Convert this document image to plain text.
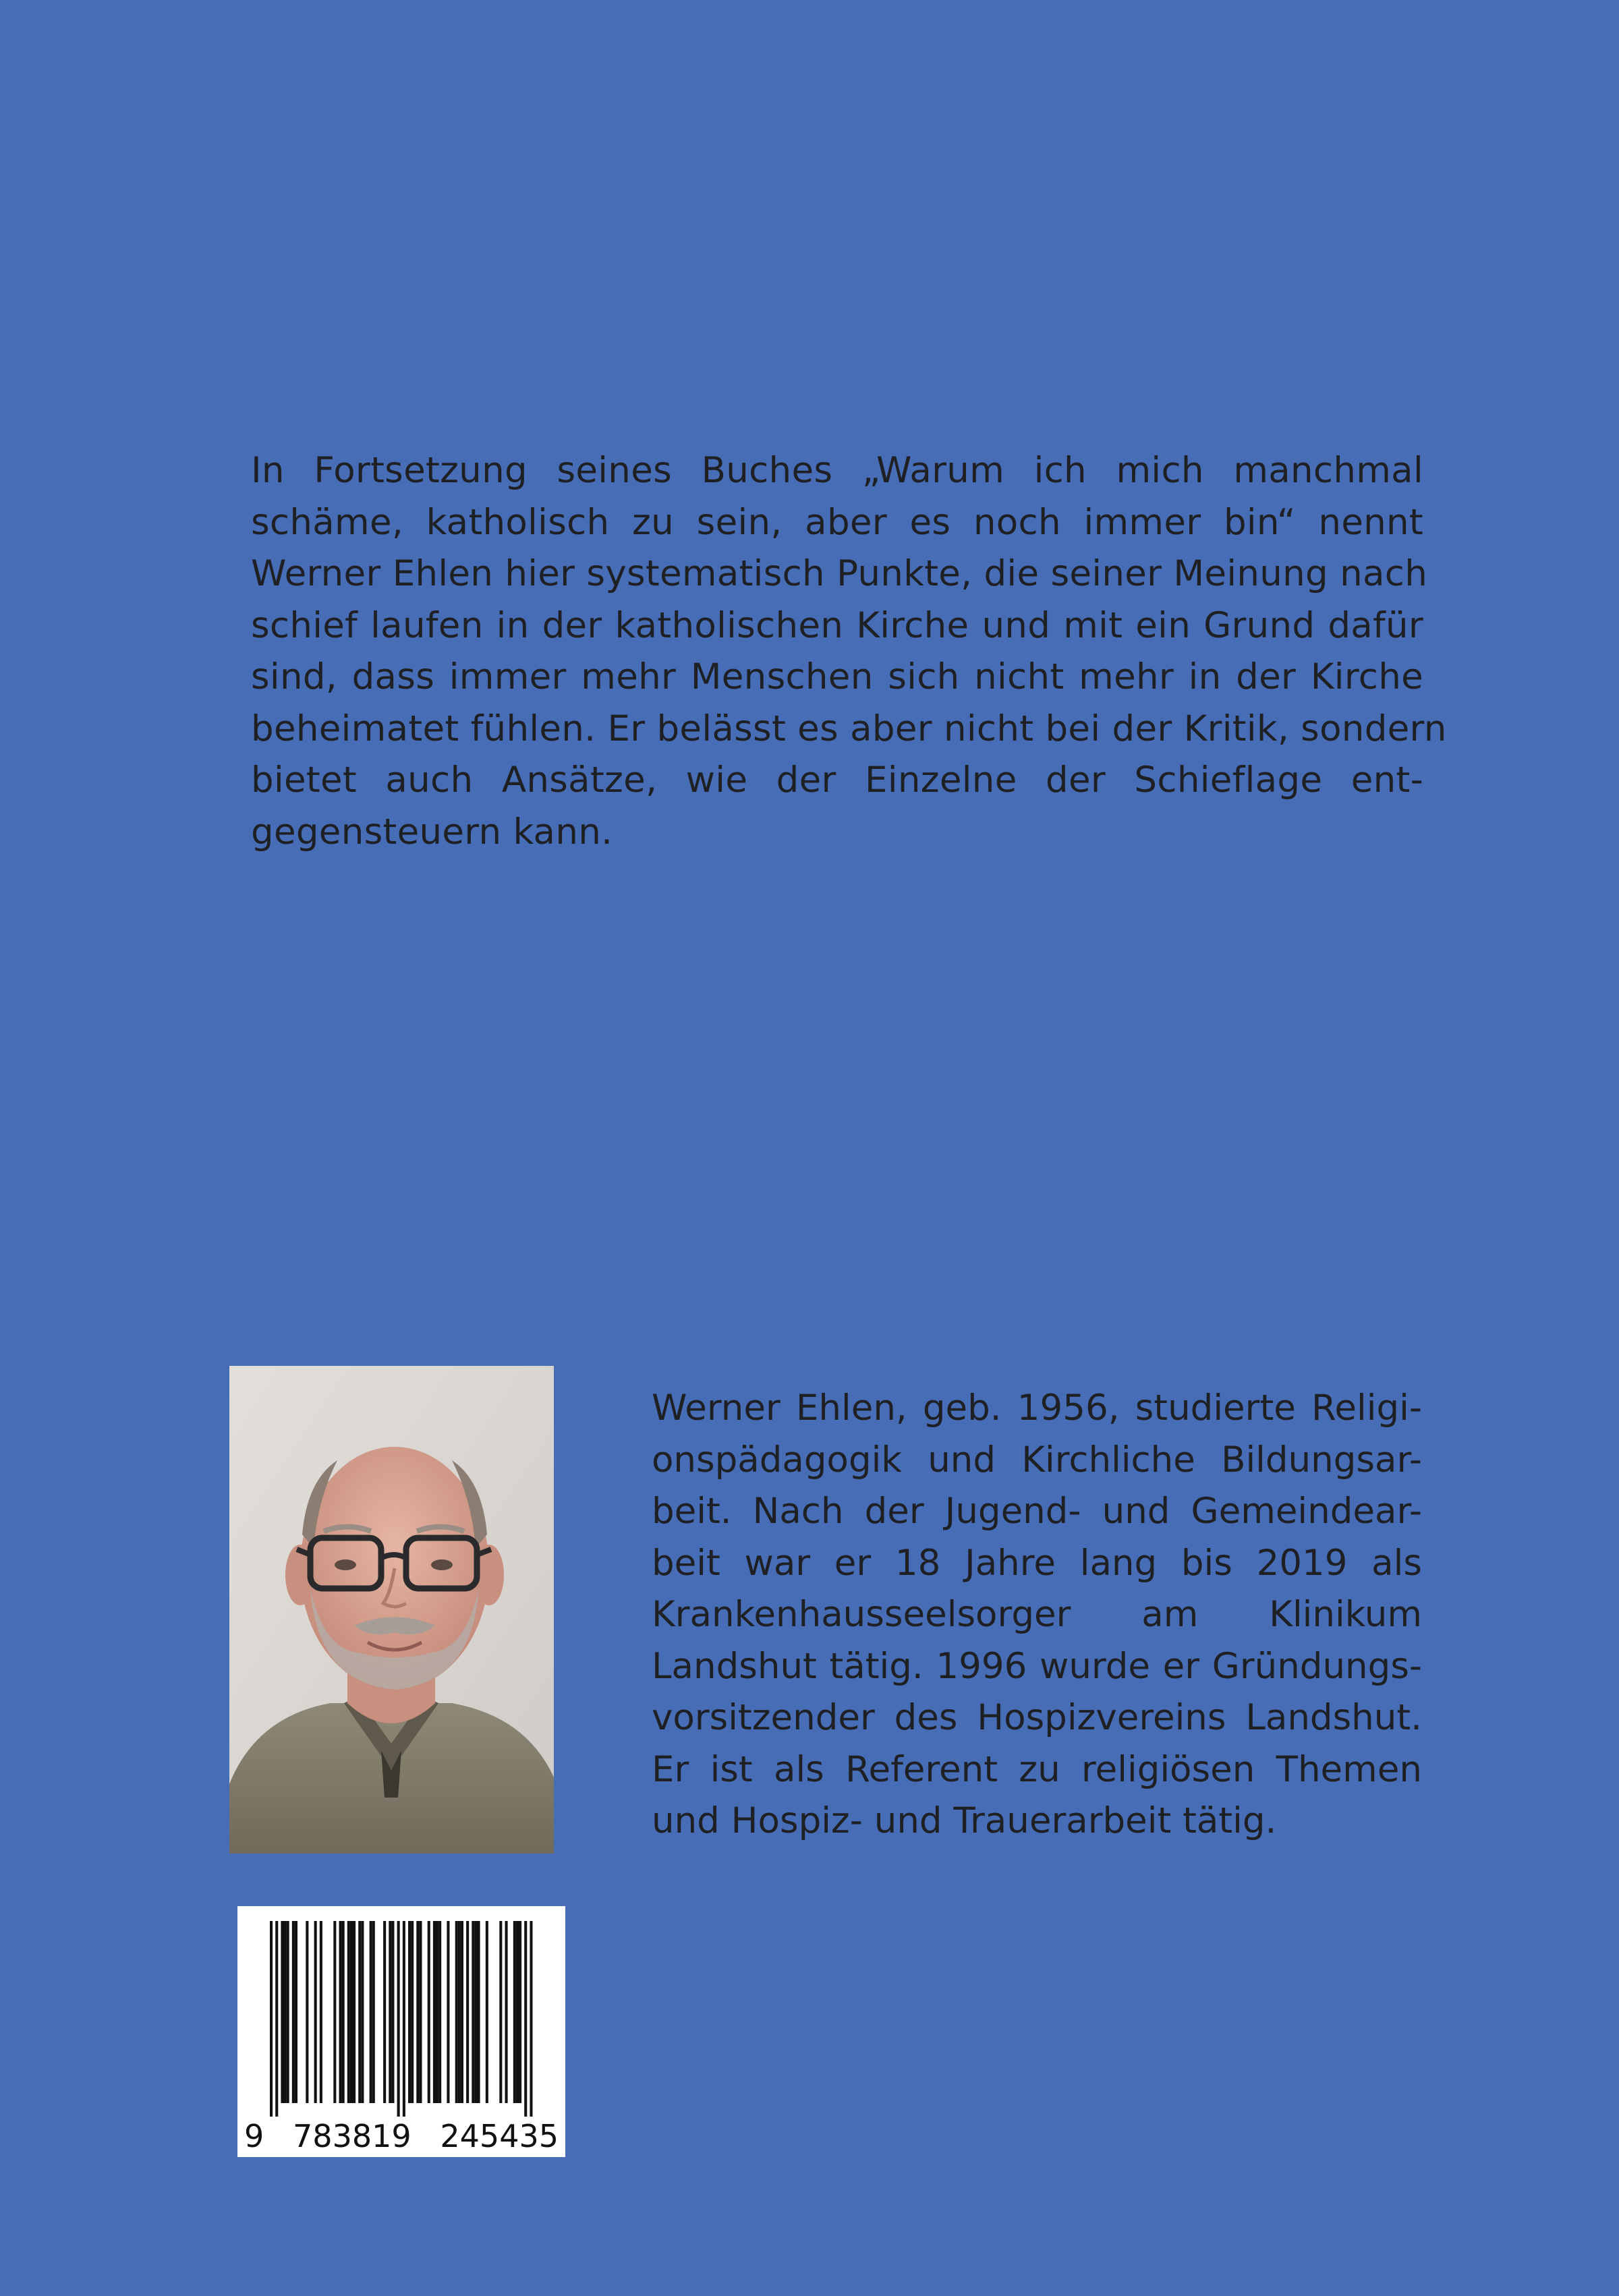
In Fortsetzung seines Buches „Warum ich mich manchmal
schäme, katholisch zu sein, aber es noch immer bin“ nennt
Werner Ehlen hier systematisch Punkte, die seiner Meinung nach
schief laufen in der katholischen Kirche und mit ein Grund dafür
sind, dass immer mehr Menschen sich nicht mehr in der Kirche
beheimatet fühlen. Er belässt es aber nicht bei der Kritik, sondern
bietet auch Ansätze, wie der Einzelne der Schieflage ent-
gegensteuern kann.
Werner Ehlen, geb. 1956, studierte Religi-
onspädagogik und Kirchliche Bildungsar-
beit. Nach der Jugend- und Gemeindear-
beit war er 18 Jahre lang bis 2019 als
Krankenhausseelsorger am Klinikum
Landshut tätig. 1996 wurde er Gründungs-
vorsitzender des Hospizvereins Landshut.
Er ist als Referent zu religiösen Themen
und Hospiz- und Trauerarbeit tätig.
9 783819 245435
